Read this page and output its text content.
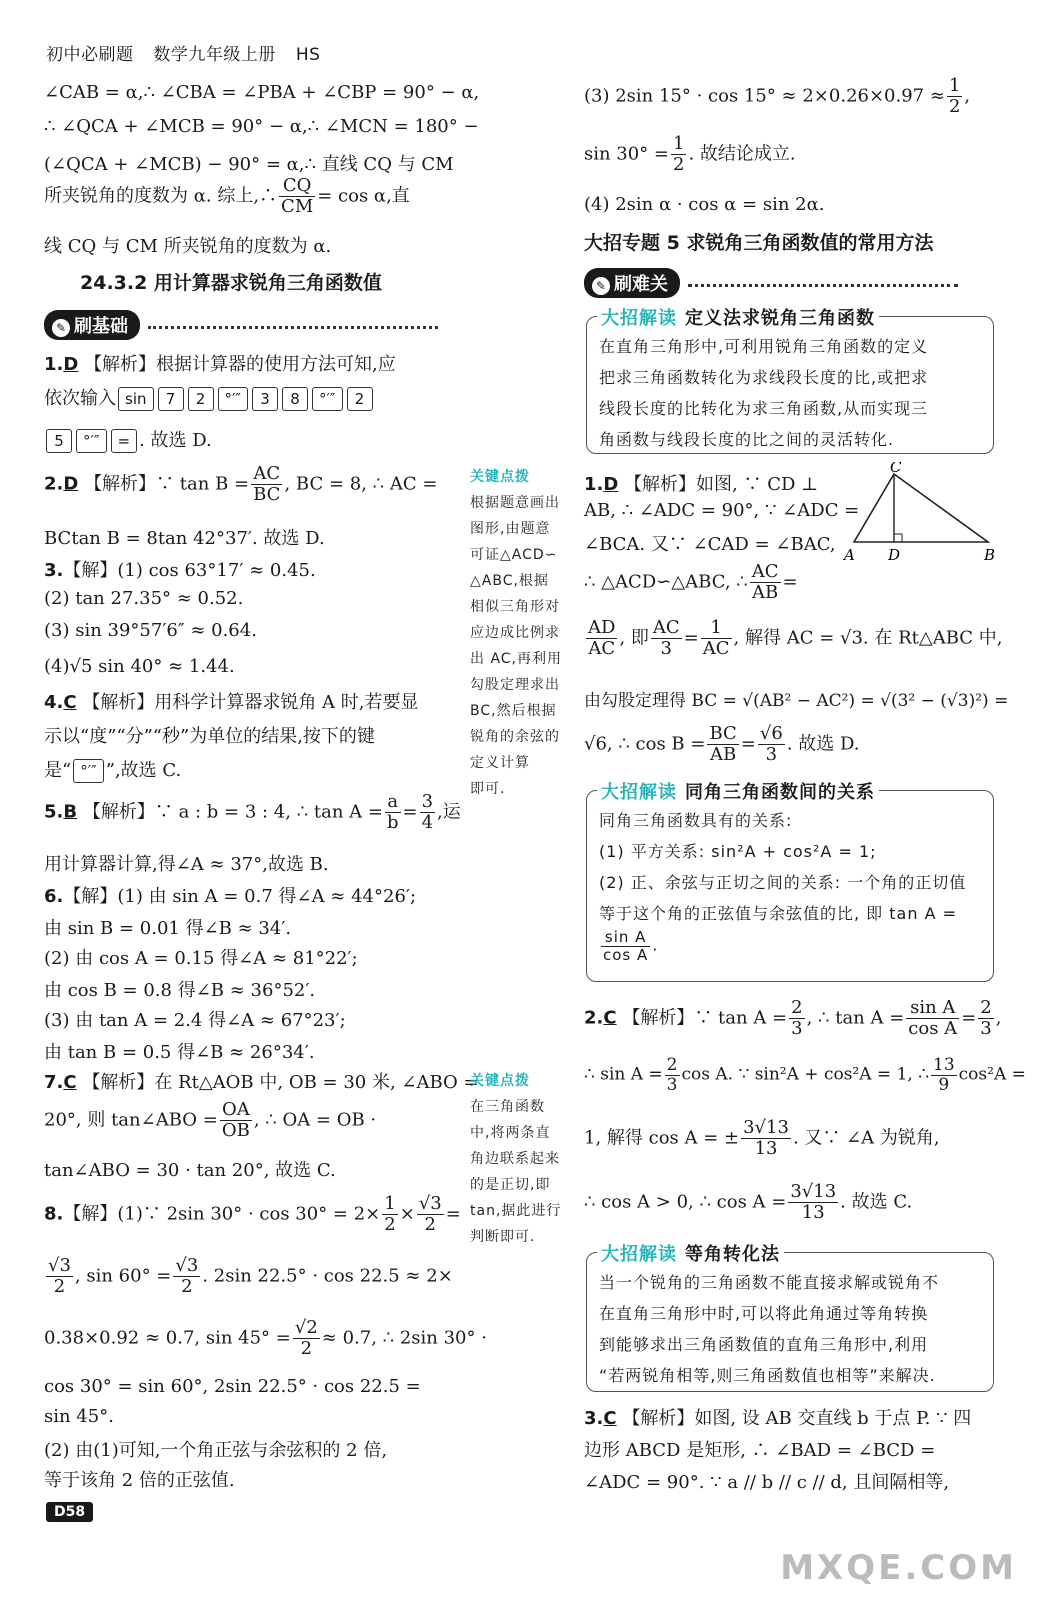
初中必刷题 数学九年级上册 HS
∠CAB = α,∴ ∠CBA = ∠PBA + ∠CBP = 90° − α,
∴ ∠QCA + ∠MCB = 90° − α,∴ ∠MCN = 180° −
(∠QCA + ∠MCB) − 90° = α,∴ 直线 CQ 与 CM
所夹锐角的度数为 α. 综上,∴ $\frac{CQ}{CM} = \cos \alpha$,直
线 CQ 与 CM 所夹锐角的度数为 α.
24.3.2 用计算器求锐角三角函数值
✎ 刷基础
1.D 【解析】根据计算器的使用方法可知,应
依次输入 sin 7 2 °′″ 3 8 °′″ 2
5 °′″ = . 故选 D.
2.D 【解析】∵ $\tan B = \frac{AC}{BC}$ , BC = 8, ∴ AC =
BCtan B = 8tan 42°37′. 故选 D.
3.【解】(1) cos 63°17′ ≈ 0.45.
(2) tan 27.35° ≈ 0.52.
(3) sin 39°57′6″ ≈ 0.64.
(4)√5 sin 40° ≈ 1.44.
4.C 【解析】用科学计算器求锐角 A 时,若要显
示以“度”“分”“秒”为单位的结果,按下的键
是“ °′″ ”,故选 C.
5.B 【解析】∵ a : b = 3 : 4, ∴ $\tan A = \frac{a}{b} = \frac{3}{4}$ ,运
用计算器计算,得∠A ≈ 37°,故选 B.
6.【解】(1) 由 sin A = 0.7 得∠A ≈ 44°26′;
由 sin B = 0.01 得∠B ≈ 34′.
(2) 由 cos A = 0.15 得∠A ≈ 81°22′;
由 cos B = 0.8 得∠B ≈ 36°52′.
(3) 由 tan A = 2.4 得∠A ≈ 67°23′;
由 tan B = 0.5 得∠B ≈ 26°34′.
7.C 【解析】在 Rt△AOB 中, OB = 30 米, ∠ABO =
20°, 则 tan∠ABO = $\frac{OA}{OB}$ , ∴ OA = OB ·
tan∠ABO = 30 · tan 20°, 故选 C.
8.【解】(1)∵ 2sin $30^\circ \cdot \cos 30^\circ = 2\times \frac{1}{2} \times \frac{√3}{2}$ =
$\frac{√3}{2}$ , $\sin 60^\circ = \frac{√3}{2}$ . 2sin 22.5° · cos 22.5 ≈ 2×
0.38×0.92 ≈ 0.7, $\sin 45^\circ = \frac{√2}{2} \approx 0.7$, ∴ 2sin 30° ·
cos 30° = sin 60°, 2sin 22.5° · cos 22.5 =
sin 45°.
(2) 由(1)可知,一个角正弦与余弦积的 2 倍,
等于该角 2 倍的正弦值.
关键点拨
根据题意画出
图形,由题意
可证△ACD∽
△ABC,根据
相似三角形对
应边成比例求
出 AC,再利用
勾股定理求出
BC,然后根据
锐角的余弦的
定义计算
即可.
关键点拨
在三角函数
中,将两条直
角边联系起来
的是正切,即
tan,据此进行
判断即可.
(3) 2sin $15^\circ \cdot \cos 15^\circ \approx 2\times 0.26\times 0.97 \approx \frac{1}{2}$ ,
$\sin 30^\circ = \frac{1}{2}$ . 故结论成立.
(4) 2sin α · cos α = sin 2α.
大招专题 5 求锐角三角函数值的常用方法
✎ 刷难关
大招解读 定义法求锐角三角函数
在直角三角形中,可利用锐角三角函数的定义
把求三角函数转化为求线段长度的比,或把求
线段长度的比转化为求三角函数,从而实现三
角函数与线段长度的比之间的灵活转化.
1.D 【解析】如图, ∵ CD ⊥
AB, ∴ ∠ADC = 90°, ∵ ∠ADC =
∠BCA. 又∵ ∠CAD = ∠BAC,
∴ △ACD∽△ABC, ∴ $\frac{AC}{AB}$ =
$\frac{AD}{AC}$ , 即 $\frac{AC}{3} = \frac{1}{AC}$ , 解得 AC = √3. 在 Rt△ABC 中,
由勾股定理得 BC = √(AB² − AC²) = √(3² − (√3)²) =
√6, ∴ $\cos B = \frac{BC}{AB} = \frac{√6}{3}$ . 故选 D.
C
A D	B
大招解读 同角三角函数间的关系
同角三角函数具有的关系:
(1) 平方关系: sin²A + cos²A = 1;
(2) 正、余弦与正切之间的关系: 一个角的正切值
等于这个角的正弦值与余弦值的比, 即 tan A =
$\frac{\text{sin A}}{\text{cos A}}$ .
2.C 【解析】∵ $\tan A = \frac{2}{3}$ , ∴ $\tan A = \frac{\text{sin A}}{\text{cos A}} = \frac{2}{3}$ ,
∴ $\sin A = \frac{2}{3}$ cos A. ∵ sin²A + cos²A = 1, ∴ $\frac{13}{9} \cos^2A$ =
1, 解得 cos A = ± $\frac{3√13}{13}$ . 又∵ ∠A 为锐角,
∴ cos A > 0, ∴ $\cos A = \frac{3√13}{13}$ . 故选 C.
大招解读 等角转化法
当一个锐角的三角函数不能直接求解或锐角不
在直角三角形中时,可以将此角通过等角转换
到能够求出三角函数值的直角三角形中,利用
“若两锐角相等,则三角函数值也相等”来解决.
3.C 【解析】如图, 设 AB 交直线 b 于点 P. ∵ 四
边形 ABCD 是矩形, ∴ ∠BAD = ∠BCD =
∠ADC = 90°. ∵ a // b // c // d, 且间隔相等,
D58
MXQE.COM
